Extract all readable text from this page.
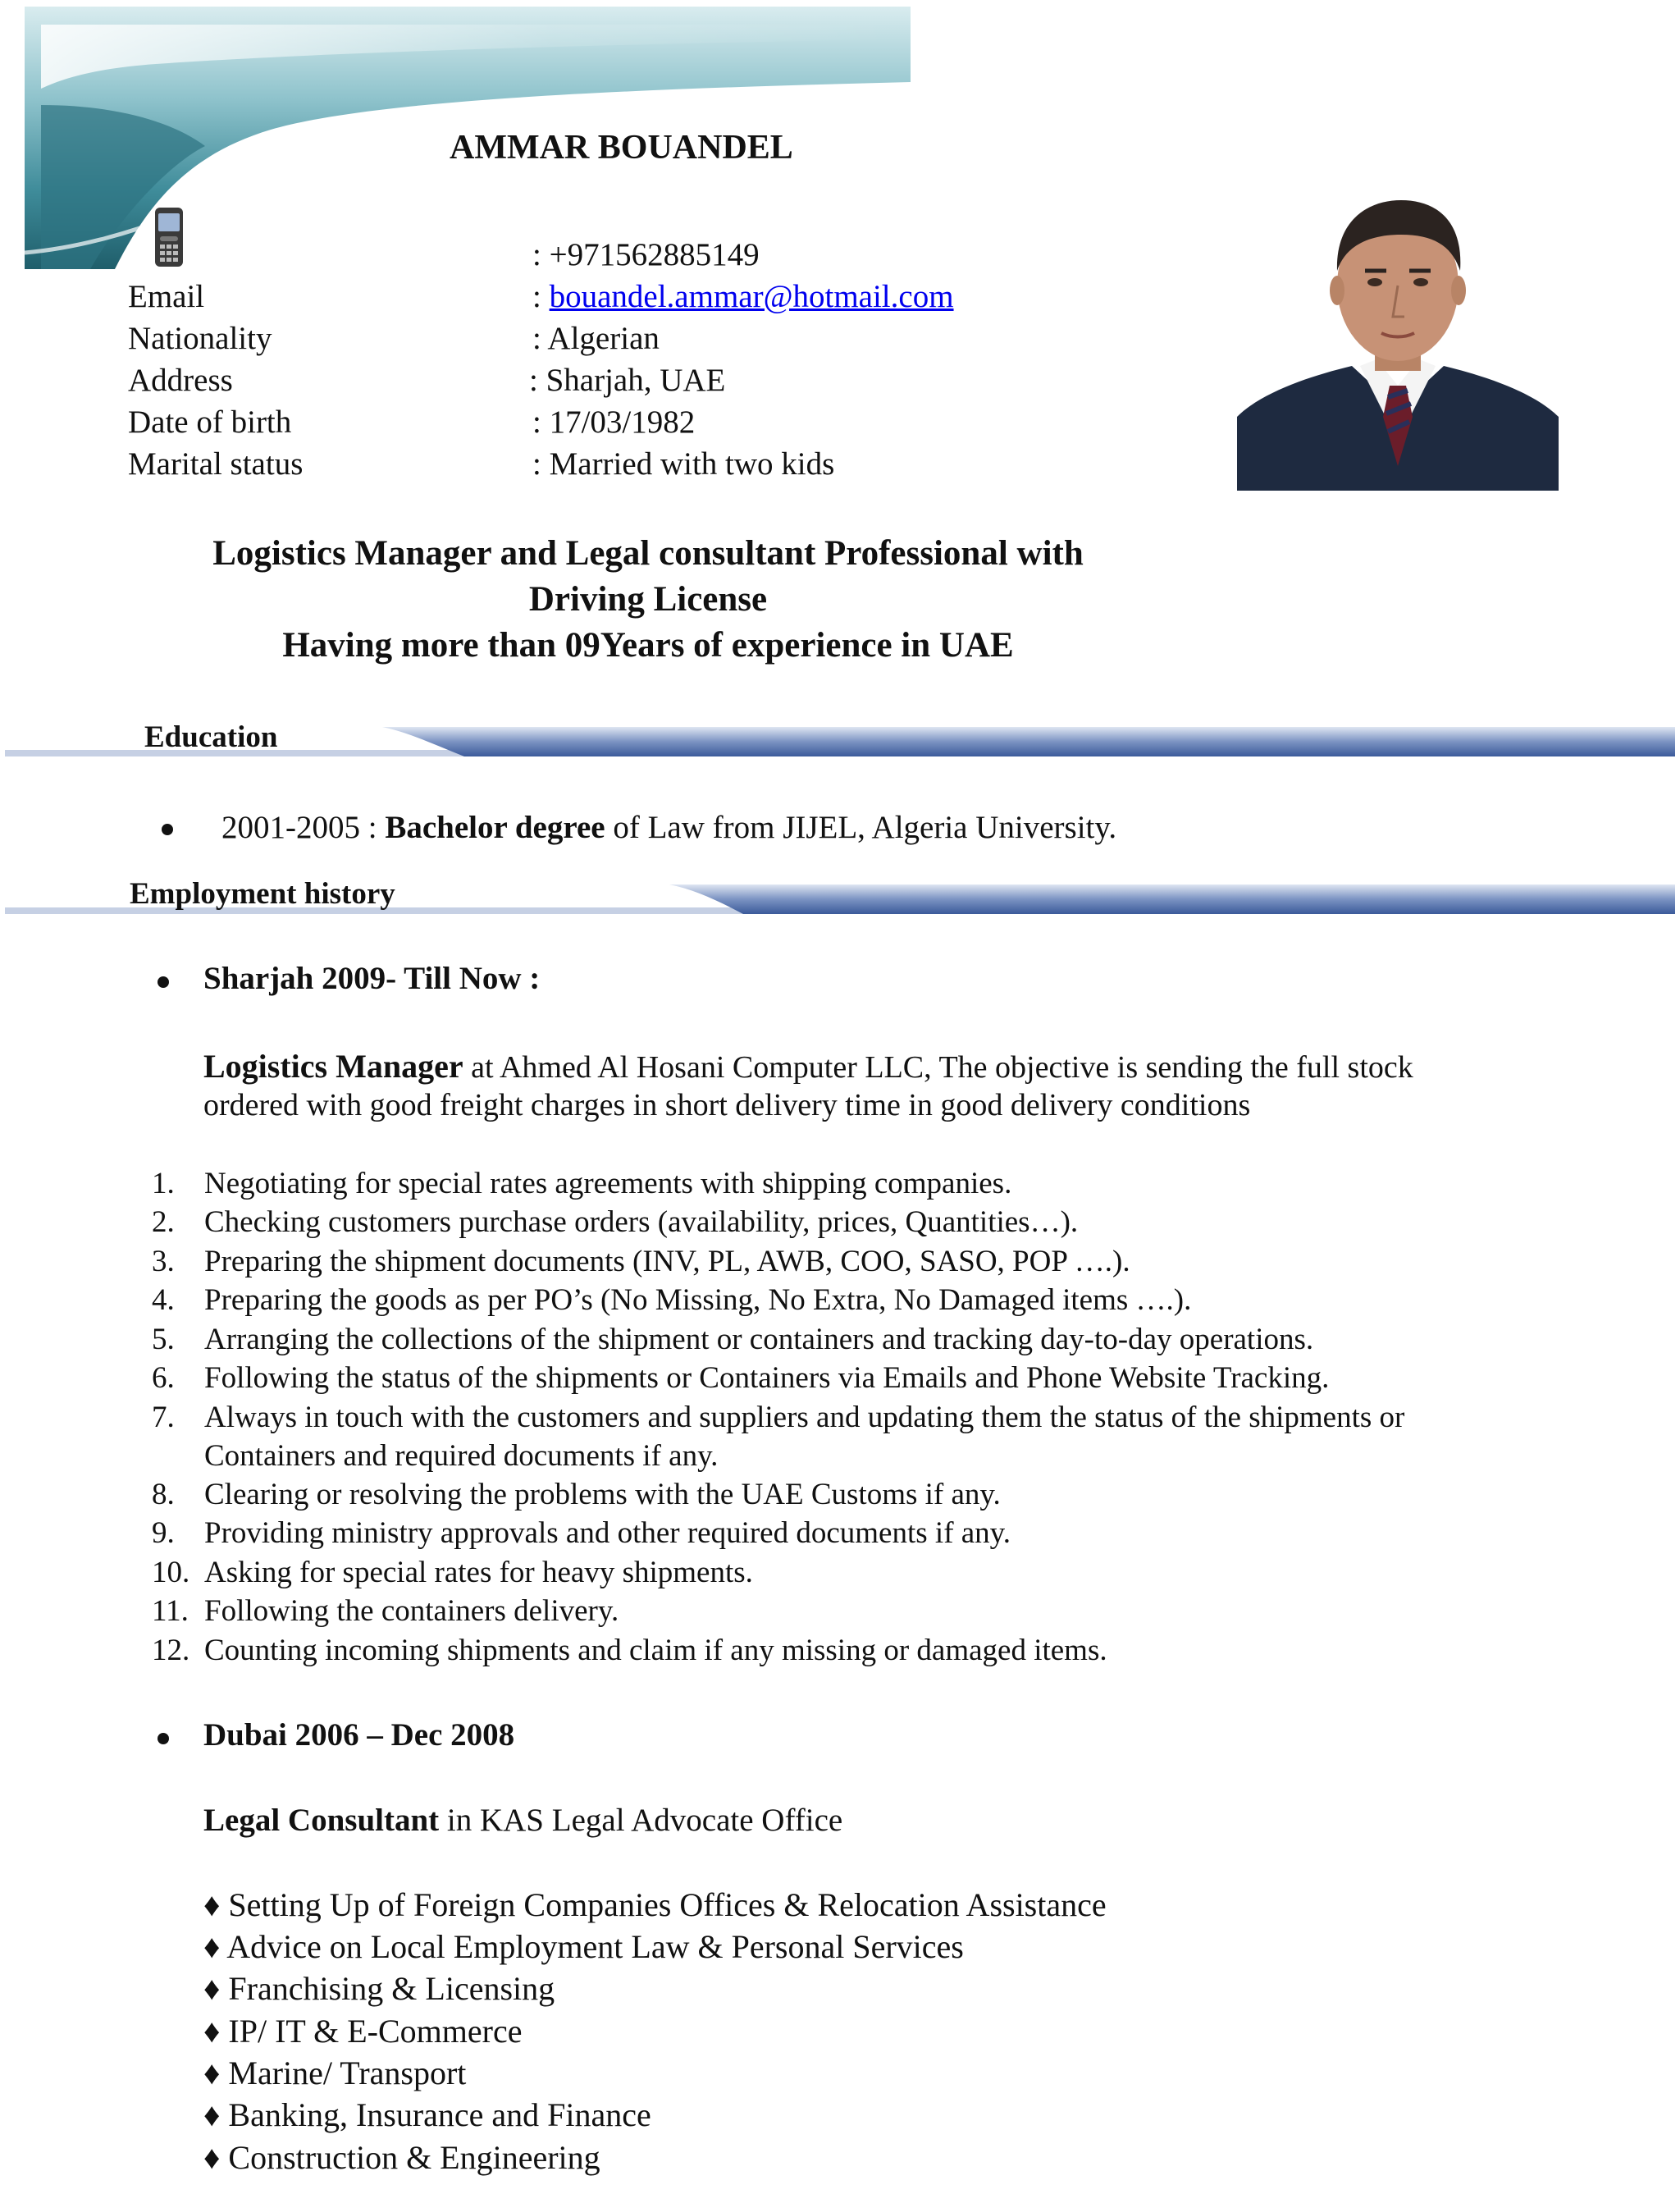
AMMAR BOUANDEL
: +971562885149
Email	: bouandel.ammar@hotmail.com
Nationality	: Algerian
Address	: Sharjah, UAE
Date of birth	: 17/03/1982
Marital status	: Married with two kids
Logistics Manager and Legal consultant Professional with
Driving License
Having more than 09Years of experience in UAE
Education
2001-2005 : Bachelor degree of Law from JIJEL, Algeria University.
Employment history
Sharjah 2009- Till Now :
Logistics Manager at Ahmed Al Hosani Computer LLC, The objective is sending the full stock
ordered with good freight charges in short delivery time in good delivery conditions
1. Negotiating for special rates agreements with shipping companies.
2. Checking customers purchase orders (availability, prices, Quantities…).
3. Preparing the shipment documents (INV, PL, AWB, COO, SASO, POP ….).
4. Preparing the goods as per PO’s (No Missing, No Extra, No Damaged items ….).
5. Arranging the collections of the shipment or containers and tracking day-to-day operations.
6. Following the status of the shipments or Containers via Emails and Phone Website Tracking.
7. Always in touch with the customers and suppliers and updating them the status of the shipments or
Containers and required documents if any.
8. Clearing or resolving the problems with the UAE Customs if any.
9. Providing ministry approvals and other required documents if any.
10. Asking for special rates for heavy shipments.
11. Following the containers delivery.
12. Counting incoming shipments and claim if any missing or damaged items.
Dubai 2006 – Dec 2008
Legal Consultant in KAS Legal Advocate Office
♦ Setting Up of Foreign Companies Offices & Relocation Assistance
♦ Advice on Local Employment Law & Personal Services
♦ Franchising & Licensing
♦ IP/ IT & E-Commerce
♦ Marine/ Transport
♦ Banking, Insurance and Finance
♦ Construction & Engineering
